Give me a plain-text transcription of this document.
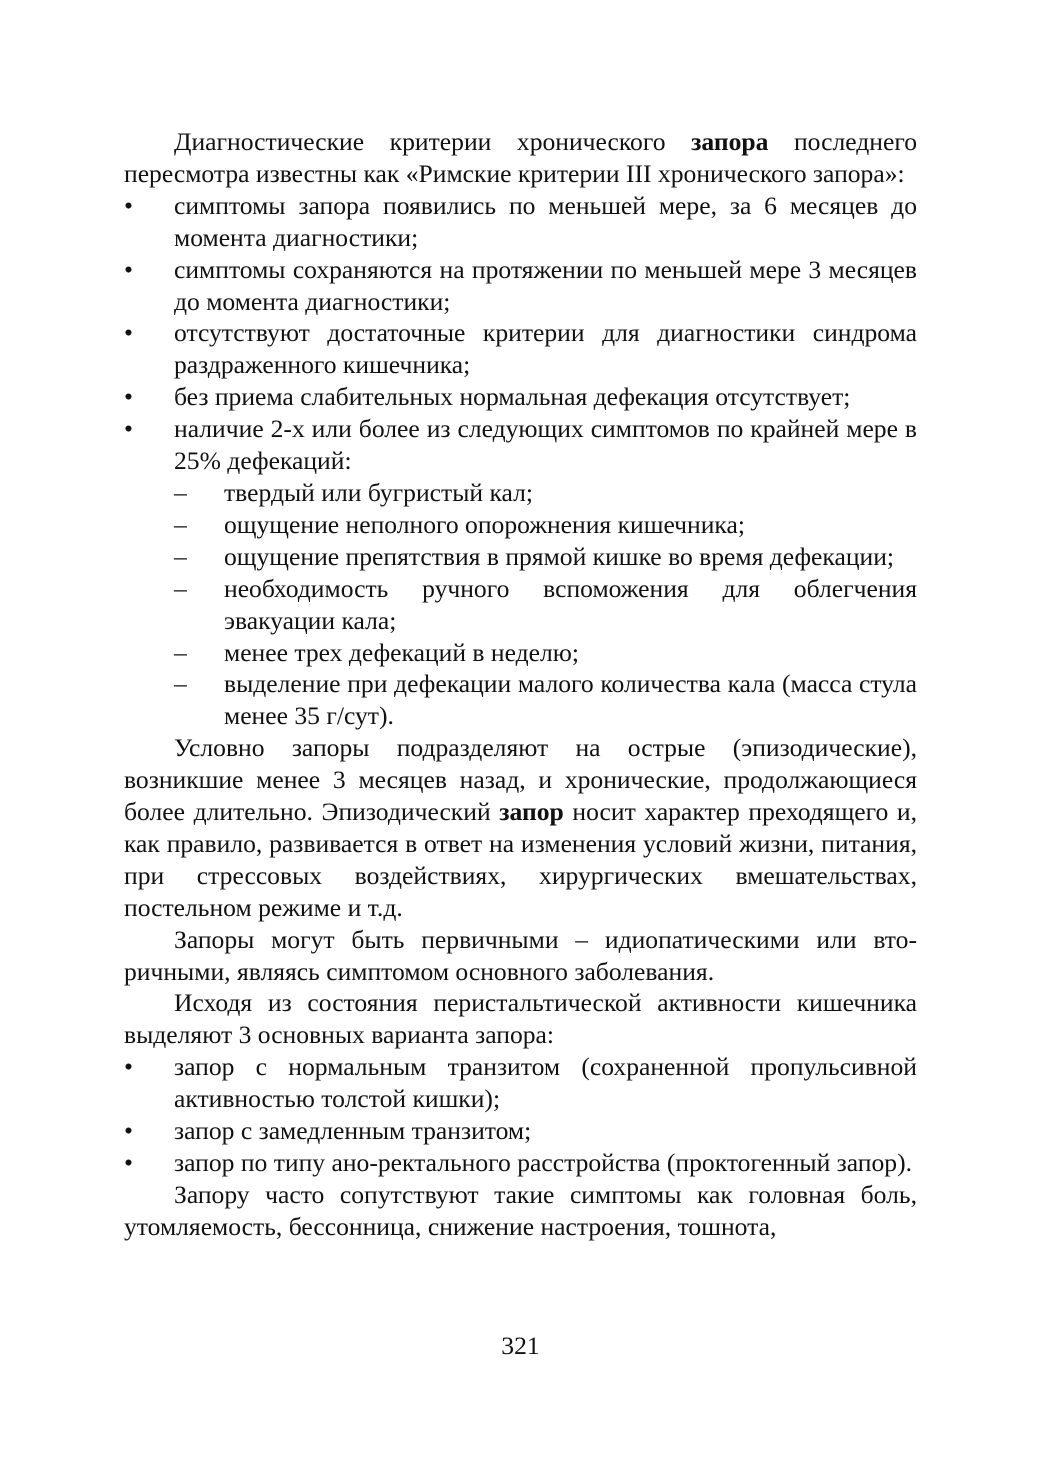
Диагностические критерии хронического запора последнего пересмотра известны как «Римские критерии III хронического запора»:

• симптомы запора появились по меньшей мере, за 6 месяцев до момента диагностики;
• симптомы сохраняются на протяжении по меньшей мере 3 месяцев до момента диагностики;
• отсутствуют достаточные критерии для диагностики синдрома раздраженного кишечника;
• без приема слабительных нормальная дефекация отсутствует;
• наличие 2-х или более из следующих симптомов по крайней мере в 25% дефекаций:
– твердый или бугристый кал;
– ощущение неполного опорожнения кишечника;
– ощущение препятствия в прямой кишке во время дефекации;
– необходимость ручного вспоможения для облегчения эвакуации кала;
– менее трех дефекаций в неделю;
– выделение при дефекации малого количества кала (масса стула менее 35 г/сут).

Условно запоры подразделяют на острые (эпизодические), возникшие менее 3 месяцев назад, и хронические, продолжающиеся более длительно. Эпизодический запор носит характер преходящего и, как правило, развивается в ответ на изменения условий жизни, питания, при стрессовых воздействиях, хирургических вмешательствах, постельном режиме и т.д.

Запоры могут быть первичными – идиопатическими или вторичными, являясь симптомом основного заболевания.

Исходя из состояния перистальтической активности кишечника выделяют 3 основных варианта запора:

• запор с нормальным транзитом (сохраненной пропульсивной активностью толстой кишки);
• запор с замедленным транзитом;
• запор по типу ано-ректального расстройства (проктогенный запор).

Запору часто сопутствуют такие симптомы как головная боль, утомляемость, бессонница, снижение настроения, тошнота,

321
